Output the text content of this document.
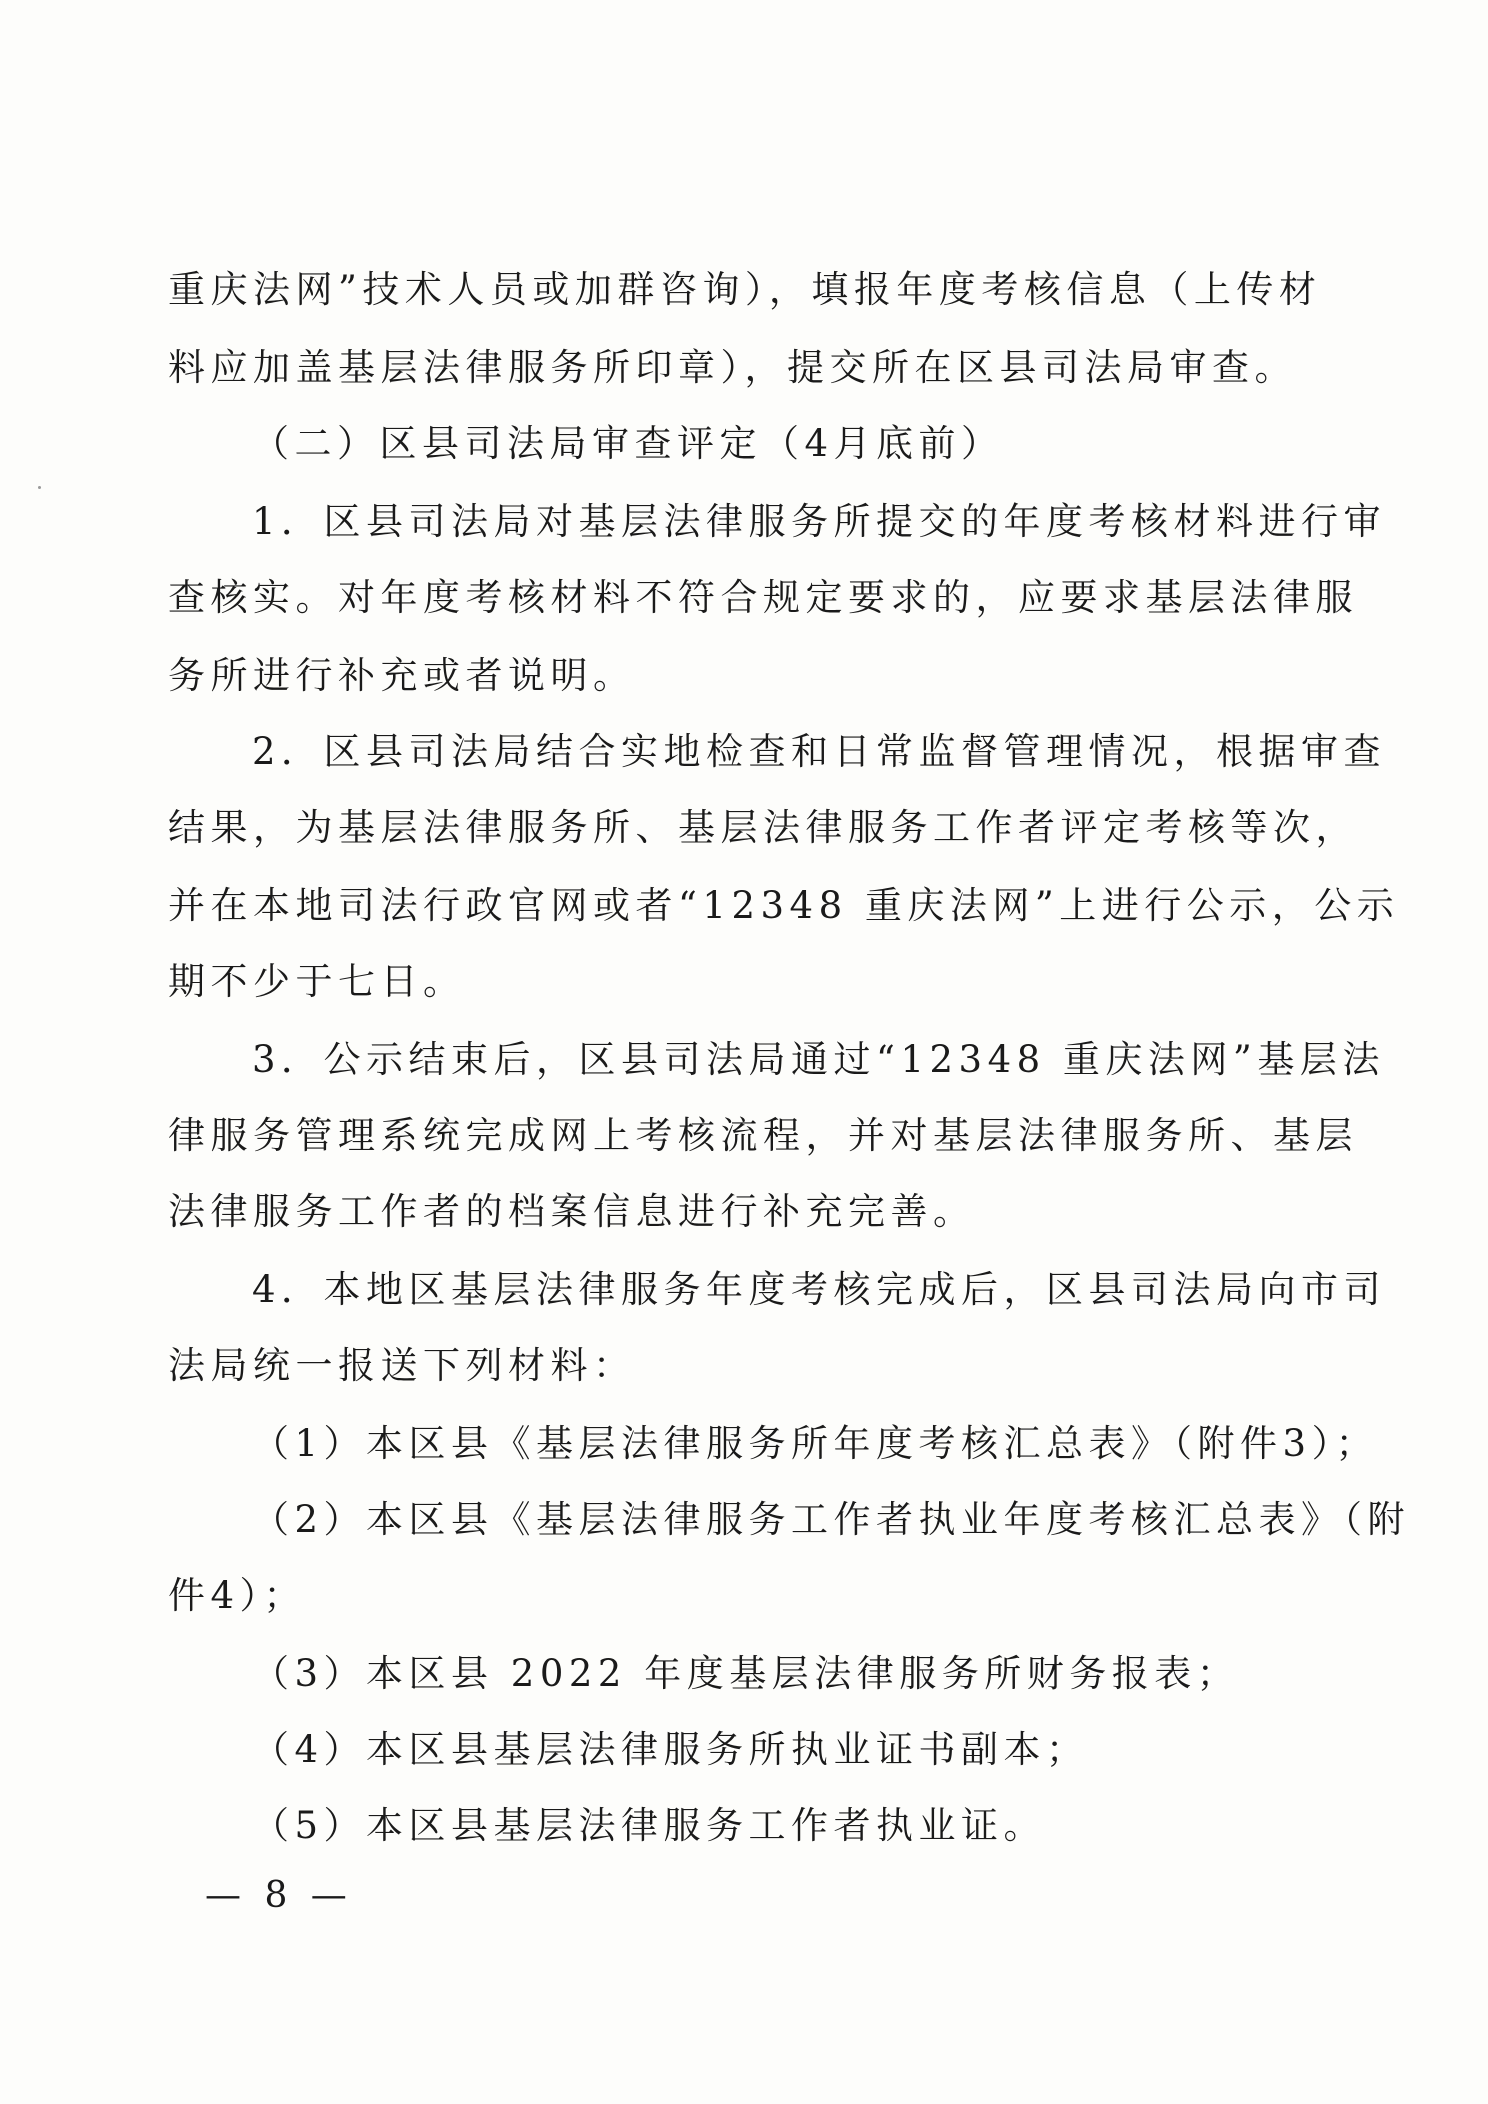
重庆法网”技术人员或加群咨询），填报年度考核信息（上传材
料应加盖基层法律服务所印章），提交所在区县司法局审查。
（二）区县司法局审查评定（4月底前）
1．区县司法局对基层法律服务所提交的年度考核材料进行审
查核实。对年度考核材料不符合规定要求的，应要求基层法律服
务所进行补充或者说明。
2．区县司法局结合实地检查和日常监督管理情况，根据审查
结果，为基层法律服务所、基层法律服务工作者评定考核等次，
并在本地司法行政官网或者“12348 重庆法网”上进行公示，公示
期不少于七日。
3．公示结束后，区县司法局通过“12348 重庆法网”基层法
律服务管理系统完成网上考核流程，并对基层法律服务所、基层
法律服务工作者的档案信息进行补充完善。
4．本地区基层法律服务年度考核完成后，区县司法局向市司
法局统一报送下列材料：
（1）本区县《基层法律服务所年度考核汇总表》（附件3）；
（2）本区县《基层法律服务工作者执业年度考核汇总表》（附
件4）；
（3）本区县 2022 年度基层法律服务所财务报表；
（4）本区县基层法律服务所执业证书副本；
（5）本区县基层法律服务工作者执业证。
— 8 —
